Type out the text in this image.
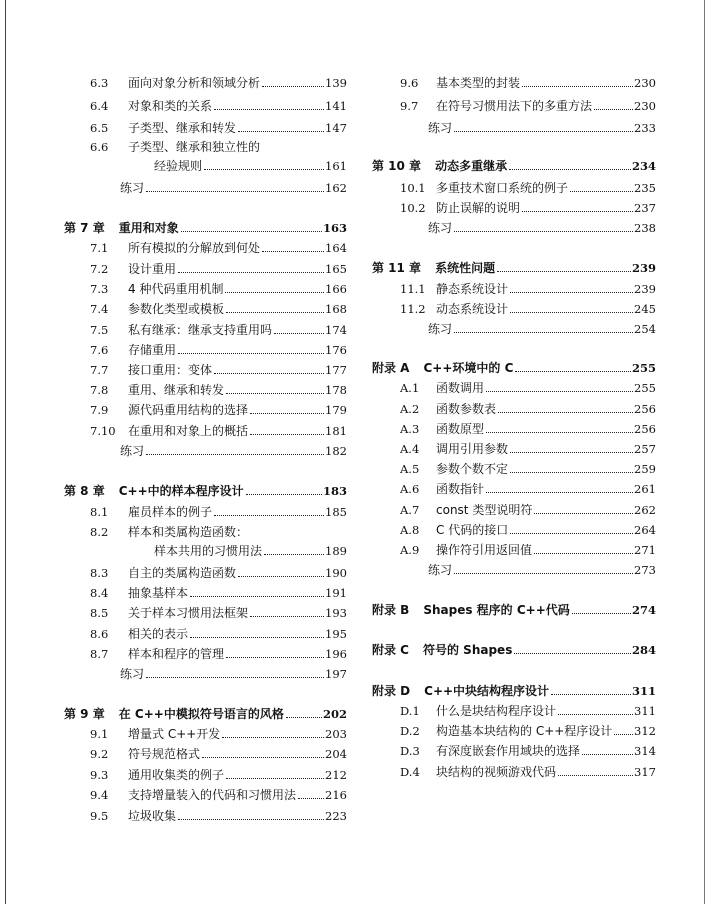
6.3	面向对象分析和领域分析	139
6.4	对象和类的关系	141
6.5	子类型、继承和转发	147
6.6	子类型、继承和独立性的
经验规则	161
练习	162
第 7 章 重用和对象	163
7.1	所有模拟的分解放到何处	164
7.2	设计重用	165
7.3	4 种代码重用机制	166
7.4	参数化类型或模板	168
7.5	私有继承：继承支持重用吗	174
7.6	存储重用	176
7.7	接口重用：变体	177
7.8	重用、继承和转发	178
7.9	源代码重用结构的选择	179
7.10	在重用和对象上的概括	181
练习	182
第 8 章 C++中的样本程序设计	183
8.1	雇员样本的例子	185
8.2	样本和类属构造函数：
样本共用的习惯用法	189
8.3	自主的类属构造函数	190
8.4	抽象基样本	191
8.5	关于样本习惯用法框架	193
8.6	相关的表示	195
8.7	样本和程序的管理	196
练习	197
第 9 章 在 C++中模拟符号语言的风格	202
9.1	增量式 C++开发	203
9.2	符号规范格式	204
9.3	通用收集类的例子	212
9.4	支持增量装入的代码和习惯用法	216
9.5	垃圾收集	223
9.6	基本类型的封装	230
9.7	在符号习惯用法下的多重方法	230
练习	233
第 10 章 动态多重继承	234
10.1 多重技术窗口系统的例子	235
10.2 防止误解的说明	237
练习	238
第 11 章 系统性问题	239
11.1 静态系统设计	239
11.2 动态系统设计	245
练习	254
附录 A C++环境中的 C	255
A.1	函数调用	255
A.2	函数参数表	256
A.3	函数原型	256
A.4	调用引用参数	257
A.5	参数个数不定	259
A.6	函数指针	261
A.7	const 类型说明符	262
A.8	C 代码的接口	264
A.9	操作符引用返回值	271
练习	273
附录 B Shapes 程序的 C++代码	274
附录 C 符号的 Shapes	284
附录 D C++中块结构程序设计	311
D.1	什么是块结构程序设计	311
D.2	构造基本块结构的 C++程序设计 312
D.3	有深度嵌套作用域块的选择	314
D.4	块结构的视频游戏代码	317
